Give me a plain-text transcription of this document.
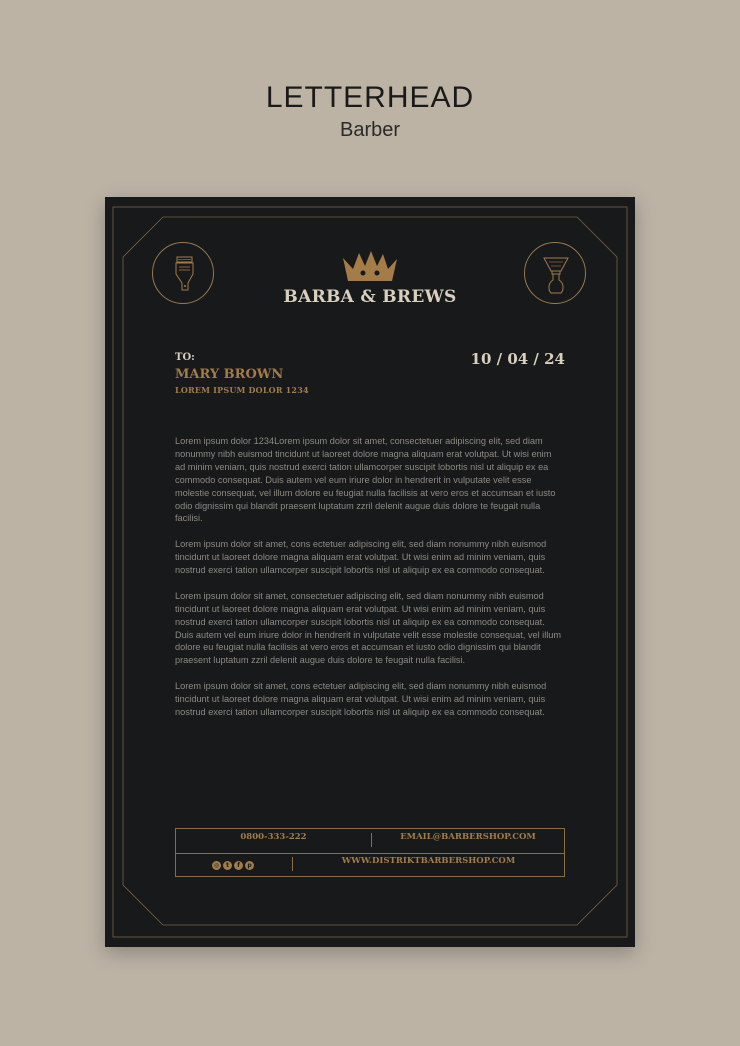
LETTERHEAD
Barber
BARBA & BREWS
TO:
MARY BROWN
LOREM IPSUM DOLOR 1234
10 / 04 / 24

Lorem ipsum dolor 1234Lorem ipsum dolor sit amet, consectetuer adipiscing elit, sed diam nonummy nibh euismod tincidunt ut laoreet dolore magna aliquam erat volutpat. Ut wisi enim ad minim veniam, quis nostrud exerci tation ullamcorper suscipit lobortis nisl ut aliquip ex ea commodo consequat. Duis autem vel eum iriure dolor in hendrerit in vulputate velit esse molestie consequat, vel illum dolore eu feugiat nulla facilisis at vero eros et accumsan et iusto odio dignissim qui blandit praesent luptatum zzril delenit augue duis dolore te feugait nulla facilisi.

Lorem ipsum dolor sit amet, cons ectetuer adipiscing elit, sed diam nonummy nibh euismod tincidunt ut laoreet dolore magna aliquam erat volutpat. Ut wisi enim ad minim veniam, quis nostrud exerci tation ullamcorper suscipit lobortis nisl ut aliquip ex ea commodo consequat.

Lorem ipsum dolor sit amet, consectetuer adipiscing elit, sed diam nonummy nibh euismod tincidunt ut laoreet dolore magna aliquam erat volutpat. Ut wisi enim ad minim veniam, quis nostrud exerci tation ullamcorper suscipit lobortis nisl ut aliquip ex ea commodo consequat. Duis autem vel eum iriure dolor in hendrerit in vulputate velit esse molestie consequat, vel illum dolore eu feugiat nulla facilisis at vero eros et accumsan et iusto odio dignissim qui blandit praesent luptatum zzril delenit augue duis dolore te feugait nulla facilisi.

Lorem ipsum dolor sit amet, cons ectetuer adipiscing elit, sed diam nonummy nibh euismod tincidunt ut laoreet dolore magna aliquam erat volutpat. Ut wisi enim ad minim veniam, quis nostrud exerci tation ullamcorper suscipit lobortis nisl ut aliquip ex ea commodo consequat.

0800-333-222	EMAIL@BARBERSHOP.COM
◎	t	f	p	WWW.DISTRIKTBARBERSHOP.COM
